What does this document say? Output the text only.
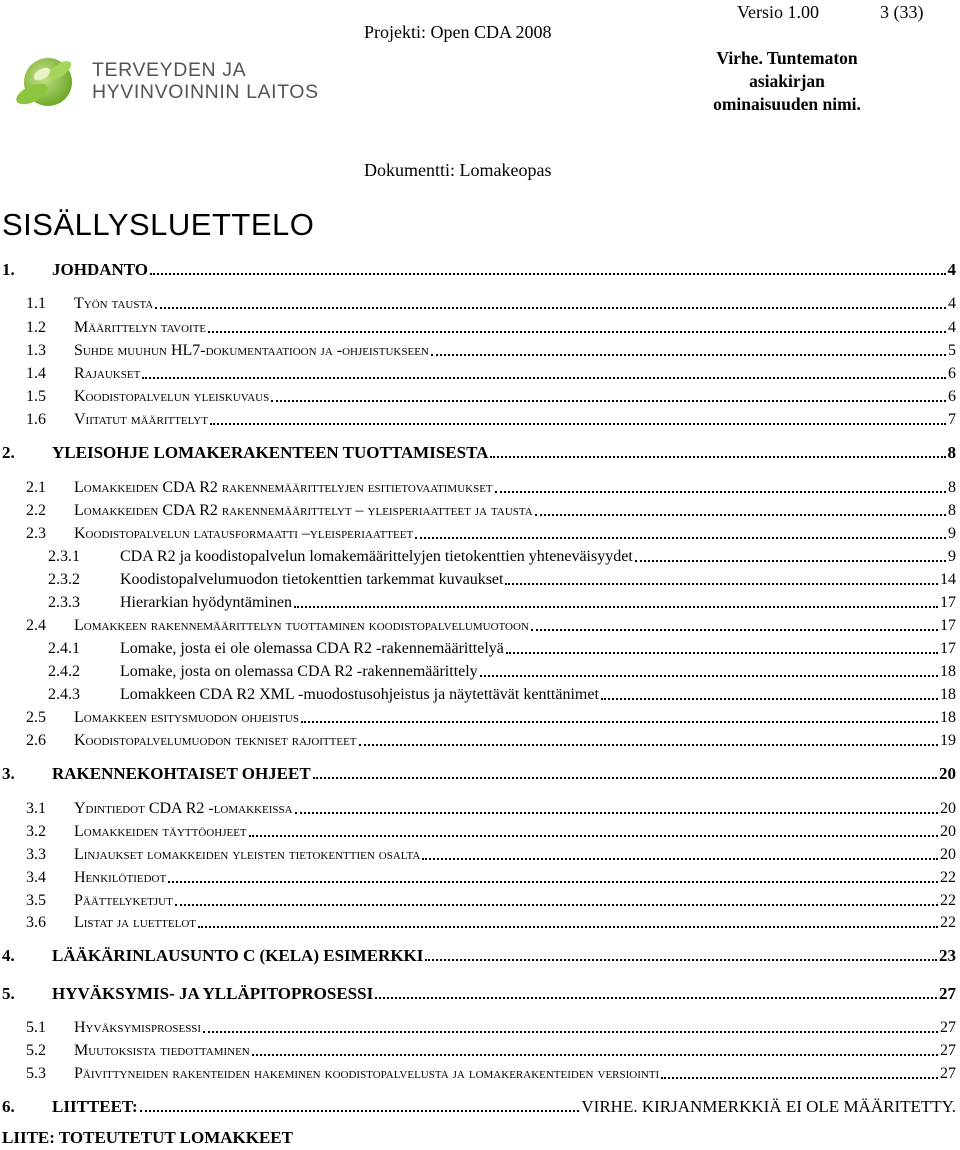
TERVEYDEN JA
HYVINVOINNIN LAITOS
Projekti: Open CDA 2008
Dokumentti: Lomakeopas
Versio 1.00	3 (33)
Virhe. Tuntematon asiakirjan ominaisuuden nimi.
SISÄLLYSLUETTELO
1.	JOHDANTO	4
1.1	Työn tausta	4
1.2	Määrittelyn tavoite	4
1.3	Suhde muuhun HL7-dokumentaatioon ja -ohjeistukseen	5
1.4	Rajaukset	6
1.5	Koodistopalvelun yleiskuvaus	6
1.6	Viitatut määrittelyt	7
2.	YLEISOHJE LOMAKERAKENTEEN TUOTTAMISESTA	8
2.1	Lomakkeiden CDA R2 rakennemäärittelyjen esitietovaatimukset	8
2.2	Lomakkeiden CDA R2 rakennemäärittelyt – yleisperiaatteet ja tausta	8
2.3	Koodistopalvelun latausformaatti –yleisperiaatteet	9
2.3.1	CDA R2 ja koodistopalvelun lomakemäärittelyjen tietokenttien yhteneväisyydet	9
2.3.2	Koodistopalvelumuodon tietokenttien tarkemmat kuvaukset	14
2.3.3	Hierarkian hyödyntäminen	17
2.4	Lomakkeen rakennemäärittelyn tuottaminen koodistopalvelumuotoon	17
2.4.1	Lomake, josta ei ole olemassa CDA R2 -rakennemäärittelyä	17
2.4.2	Lomake, josta on olemassa CDA R2 -rakennemäärittely	18
2.4.3	Lomakkeen CDA R2 XML -muodostusohjeistus ja näytettävät kenttänimet	18
2.5	Lomakkeen esitysmuodon ohjeistus	18
2.6	Koodistopalvelumuodon tekniset rajoitteet	19
3.	RAKENNEKOHTAISET OHJEET	20
3.1	Ydintiedot CDA R2 -lomakkeissa	20
3.2	Lomakkeiden täyttöohjeet	20
3.3	Linjaukset lomakkeiden yleisten tietokenttien osalta	20
3.4	Henkilötiedot	22
3.5	Päättelyketjut	22
3.6	Listat ja luettelot	22
4.	LÄÄKÄRINLAUSUNTO C (KELA) ESIMERKKI	23
5.	HYVÄKSYMIS- JA YLLÄPITOPROSESSI	27
5.1	Hyväksymisprosessi	27
5.2	Muutoksista tiedottaminen	27
5.3	Päivittyneiden rakenteiden hakeminen koodistopalvelusta ja lomakerakenteiden versiointi	27
6.	LIITTEET:	VIRHE. KIRJANMERKKIÄ EI OLE MÄÄRITETTY.
LIITE: TOTEUTETUT LOMAKKEET
